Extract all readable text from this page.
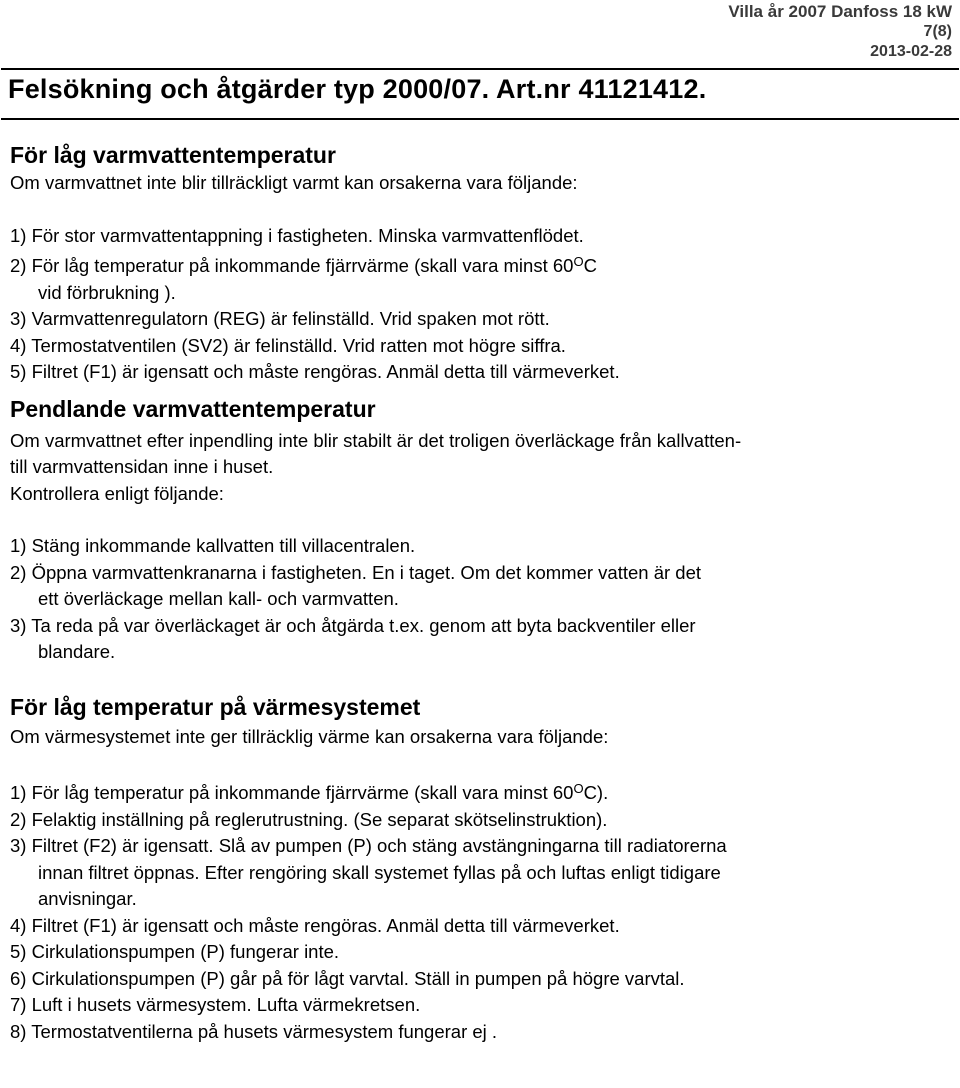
Villa år 2007 Danfoss 18 kW
7(8)
2013-02-28
Felsökning och åtgärder typ 2000/07. Art.nr 41121412.
För låg varmvattentemperatur

Om varmvattnet inte blir tillräckligt varmt kan orsakerna vara följande:

1) För stor varmvattentappning i fastigheten. Minska varmvattenflödet.
2) För låg temperatur på inkommande fjärrvärme (skall vara minst $60^OC$
vid förbrukning ).
3) Varmvattenregulatorn (REG) är felinställd. Vrid spaken mot rött.
4) Termostatventilen (SV2) är felinställd. Vrid ratten mot högre siffra.
5) Filtret (F1) är igensatt och måste rengöras. Anmäl detta till värmeverket.
Pendlande varmvattentemperatur

Om varmvattnet efter inpendling inte blir stabilt är det troligen överläckage från kallvatten-

till varmvattensidan inne i huset.

Kontrollera enligt följande:

1) Stäng inkommande kallvatten till villacentralen.
2) Öppna varmvattenkranarna i fastigheten. En i taget. Om det kommer vatten är det
ett överläckage mellan kall- och varmvatten.
3) Ta reda på var överläckaget är och åtgärda t.ex. genom att byta backventiler eller
blandare.
För låg temperatur på värmesystemet

Om värmesystemet inte ger tillräcklig värme kan orsakerna vara följande:

1) För låg temperatur på inkommande fjärrvärme (skall vara minst $60^OC$).
2) Felaktig inställning på reglerutrustning. (Se separat skötselinstruktion).
3) Filtret (F2) är igensatt. Slå av pumpen (P) och stäng avstängningarna till radiatorerna
innan filtret öppnas. Efter rengöring skall systemet fyllas på och luftas enligt tidigare
anvisningar.
4) Filtret (F1) är igensatt och måste rengöras. Anmäl detta till värmeverket.
5) Cirkulationspumpen (P) fungerar inte.
6) Cirkulationspumpen (P) går på för lågt varvtal. Ställ in pumpen på högre varvtal.
7) Luft i husets värmesystem. Lufta värmekretsen.
8) Termostatventilerna på husets värmesystem fungerar ej .
